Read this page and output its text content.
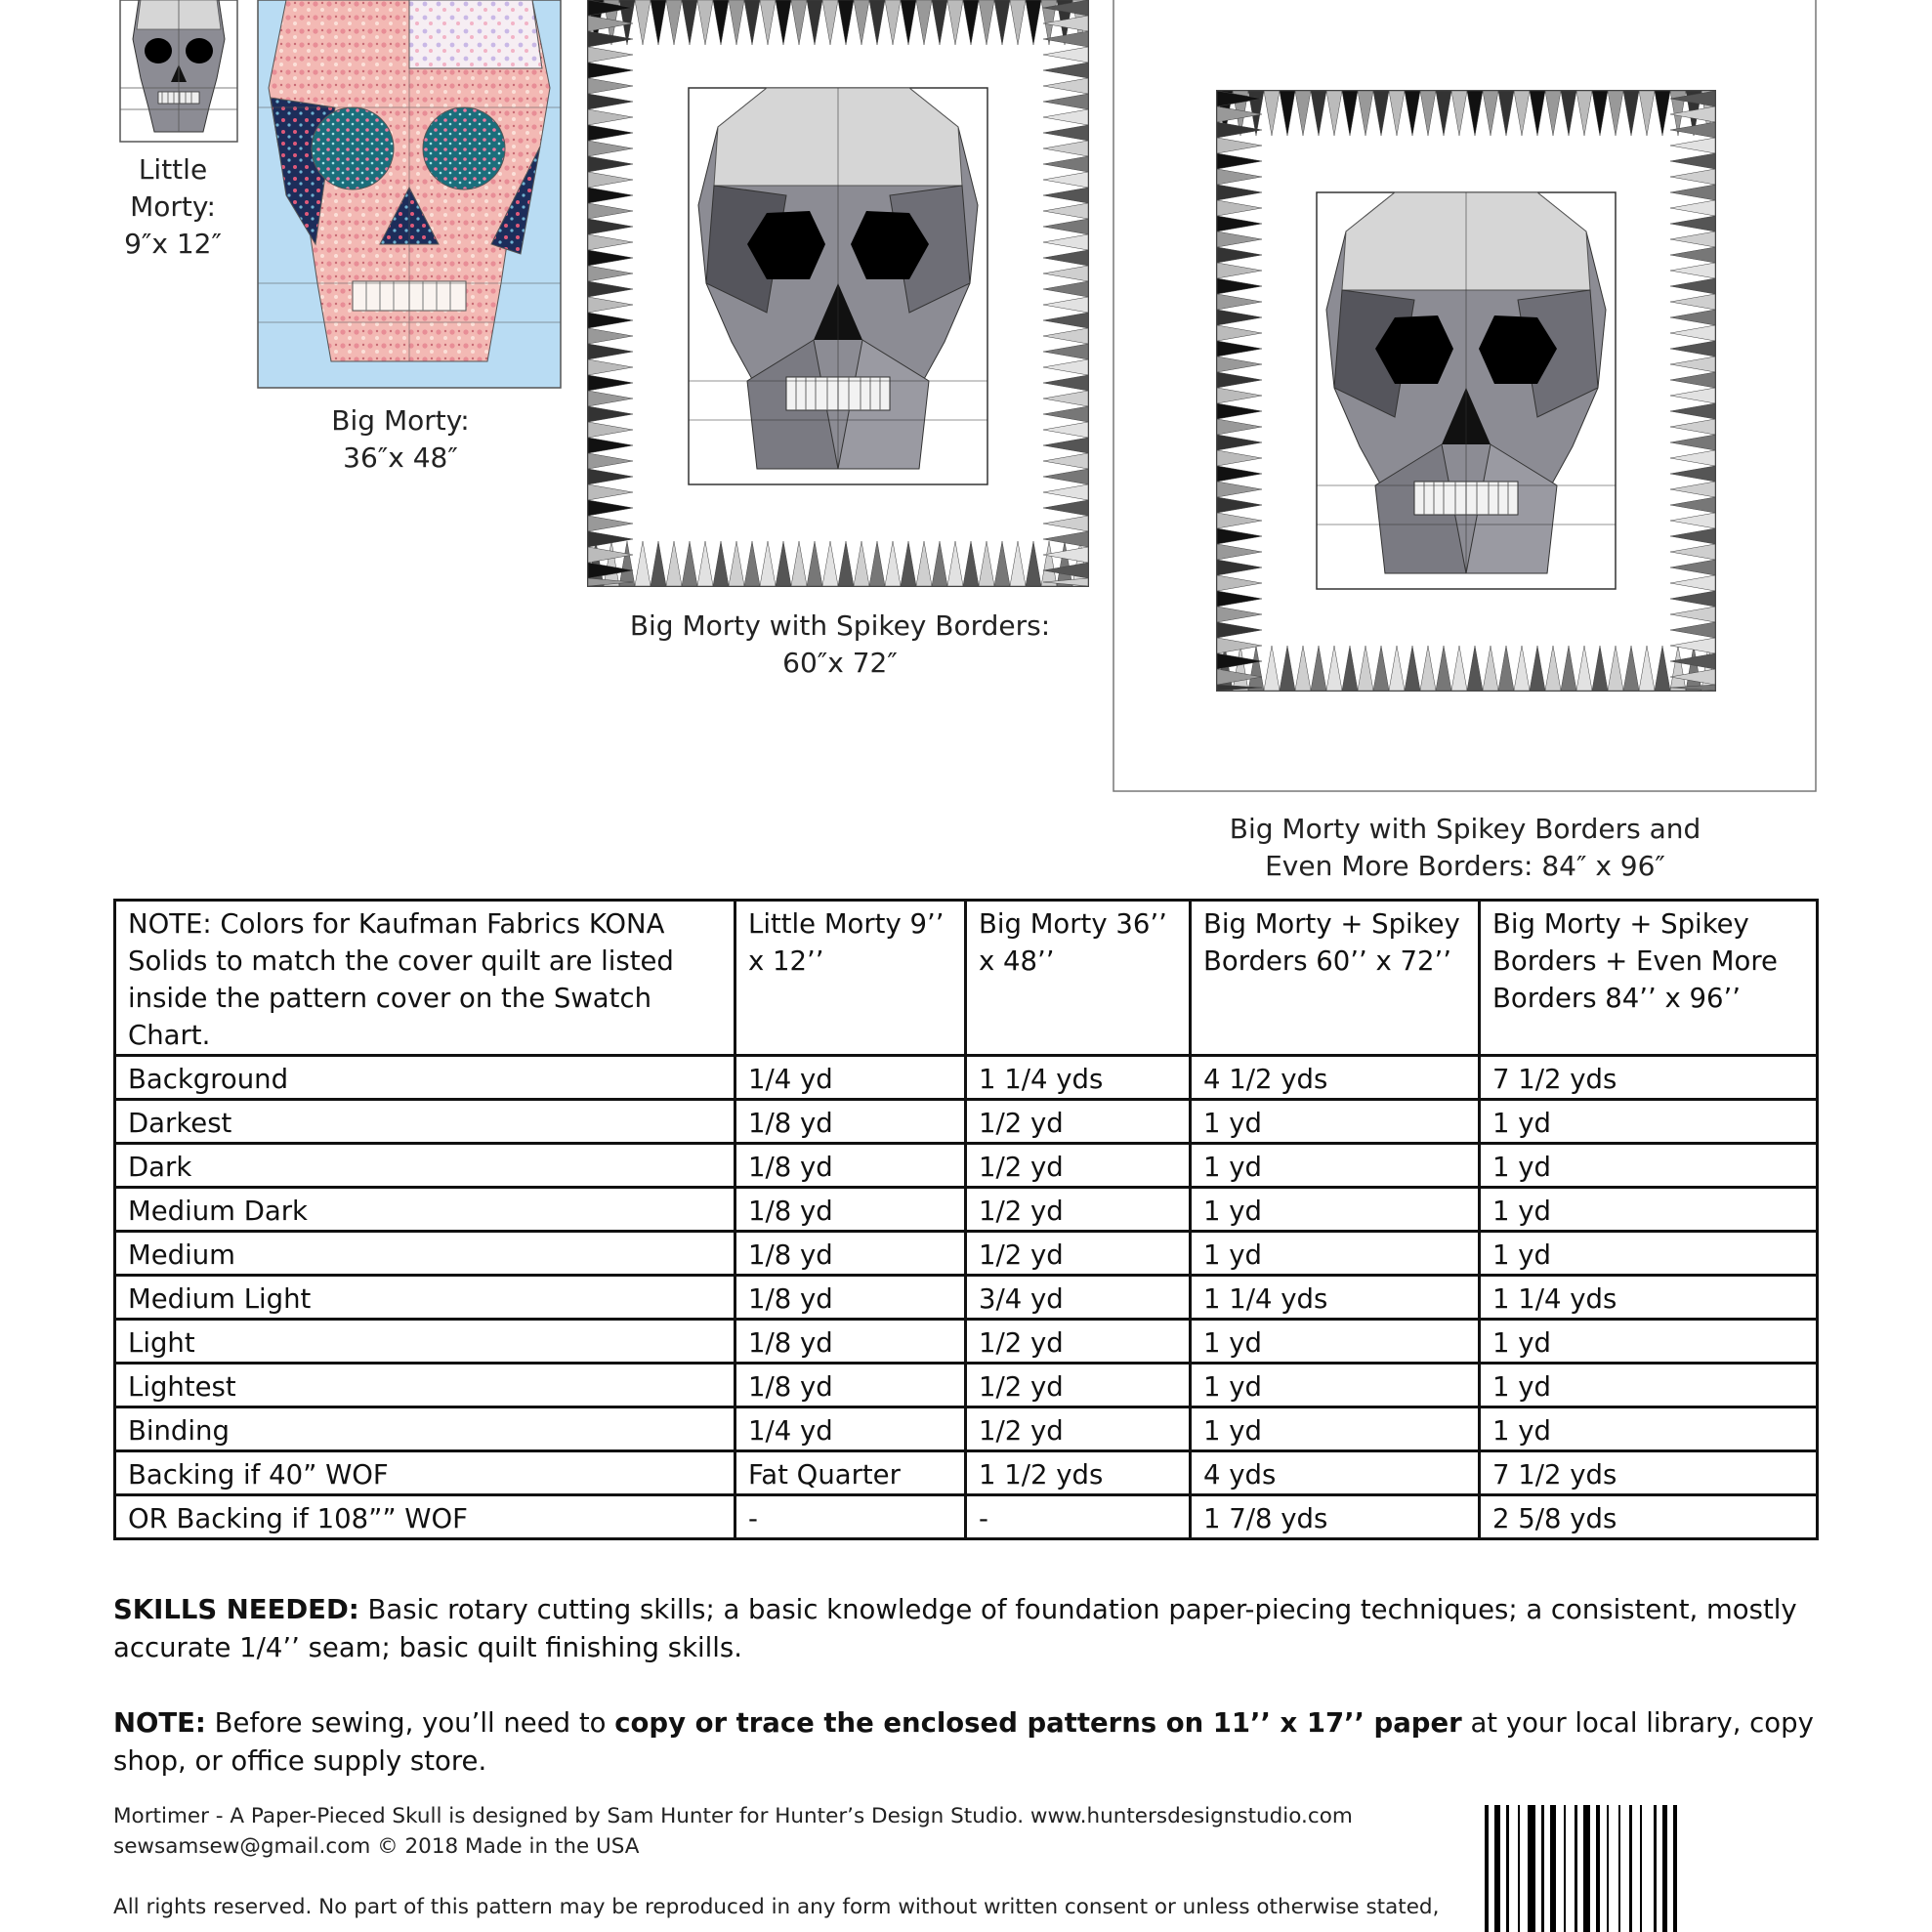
Little
Morty:
9″x 12″
Big Morty:
36″x 48″
Big Morty with Spikey Borders:
60″x 72″
Big Morty with Spikey Borders and
Even More Borders: 84″ x 96″
NOTE: Colors for Kaufman Fabrics KONA Solids to match the cover quilt are listed inside the pattern cover on the Swatch Chart.	Little Morty 9’’ x 12’’	Big Morty 36’’ x 48’’	Big Morty + Spikey Borders 60’’ x 72’’	Big Morty + Spikey Borders + Even More Borders 84’’ x 96’’
Background	1/4 yd	1 1/4 yds	4 1/2 yds	7 1/2 yds
Darkest	1/8 yd	1/2 yd	1 yd	1 yd
Dark	1/8 yd	1/2 yd	1 yd	1 yd
Medium Dark	1/8 yd	1/2 yd	1 yd	1 yd
Medium	1/8 yd	1/2 yd	1 yd	1 yd
Medium Light	1/8 yd	3/4 yd	1 1/4 yds	1 1/4 yds
Light	1/8 yd	1/2 yd	1 yd	1 yd
Lightest	1/8 yd	1/2 yd	1 yd	1 yd
Binding	1/4 yd	1/2 yd	1 yd	1 yd
Backing if 40” WOF	Fat Quarter	1 1/2 yds	4 yds	7 1/2 yds
OR Backing if 108”” WOF	-	-	1 7/8 yds	2 5/8 yds
SKILLS NEEDED: Basic rotary cutting skills; a basic knowledge of foundation paper-piecing techniques; a consistent, mostly accurate 1/4’’ seam; basic quilt finishing skills.
NOTE: Before sewing, you’ll need to copy or trace the enclosed patterns on 11’’ x 17’’ paper at your local library, copy shop, or office supply store.
Mortimer - A Paper-Pieced Skull is designed by Sam Hunter for Hunter’s Design Studio. www.huntersdesignstudio.com
sewsamsew@gmail.com © 2018 Made in the USA
All rights reserved. No part of this pattern may be reproduced in any form without written consent or unless otherwise stated,
